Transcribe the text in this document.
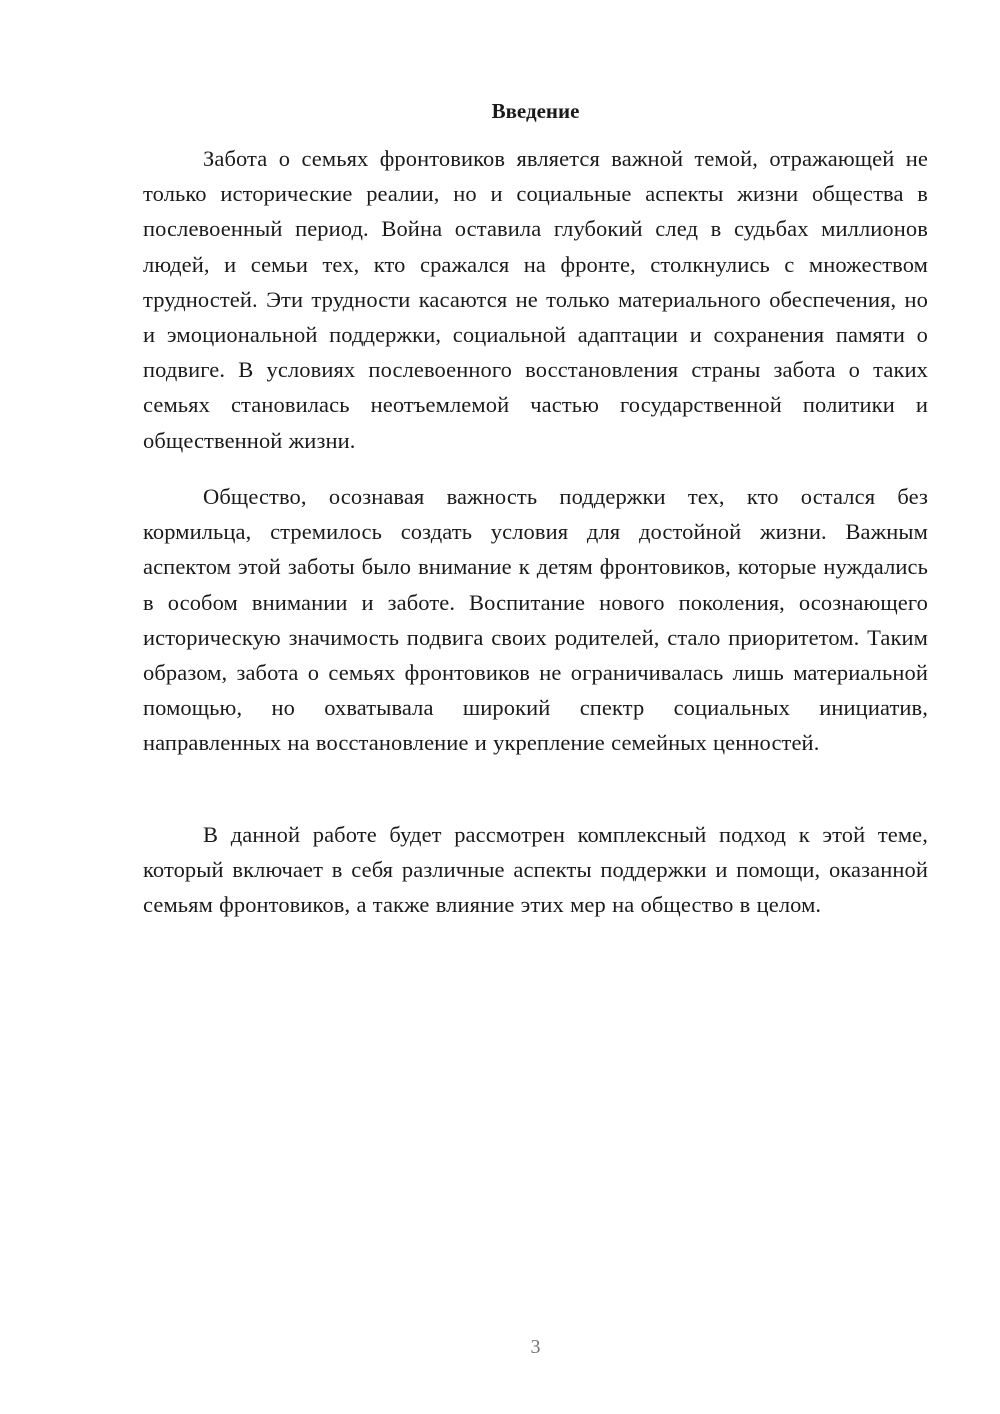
Введение

Забота о семьях фронтовиков является важной темой, отражающей не только исторические реалии, но и социальные аспекты жизни общества в послевоенный период. Война оставила глубокий след в судьбах миллионов людей, и семьи тех, кто сражался на фронте, столкнулись с множеством трудностей. Эти трудности касаются не только материального обеспечения, но и эмоциональной поддержки, социальной адаптации и сохранения памяти о подвиге. В условиях послевоенного восстановления страны забота о таких семьях становилась неотъемлемой частью государственной политики и общественной жизни.

Общество, осознавая важность поддержки тех, кто остался без кормильца, стремилось создать условия для достойной жизни. Важным аспектом этой заботы было внимание к детям фронтовиков, которые нуждались в особом внимании и заботе. Воспитание нового поколения, осознающего историческую значимость подвига своих родителей, стало приоритетом. Таким образом, забота о семьях фронтовиков не ограничивалась лишь материальной помощью, но охватывала широкий спектр социальных инициатив, направленных на восстановление и укрепление семейных ценностей.

В данной работе будет рассмотрен комплексный подход к этой теме, который включает в себя различные аспекты поддержки и помощи, оказанной семьям фронтовиков, а также влияние этих мер на общество в целом.

3
